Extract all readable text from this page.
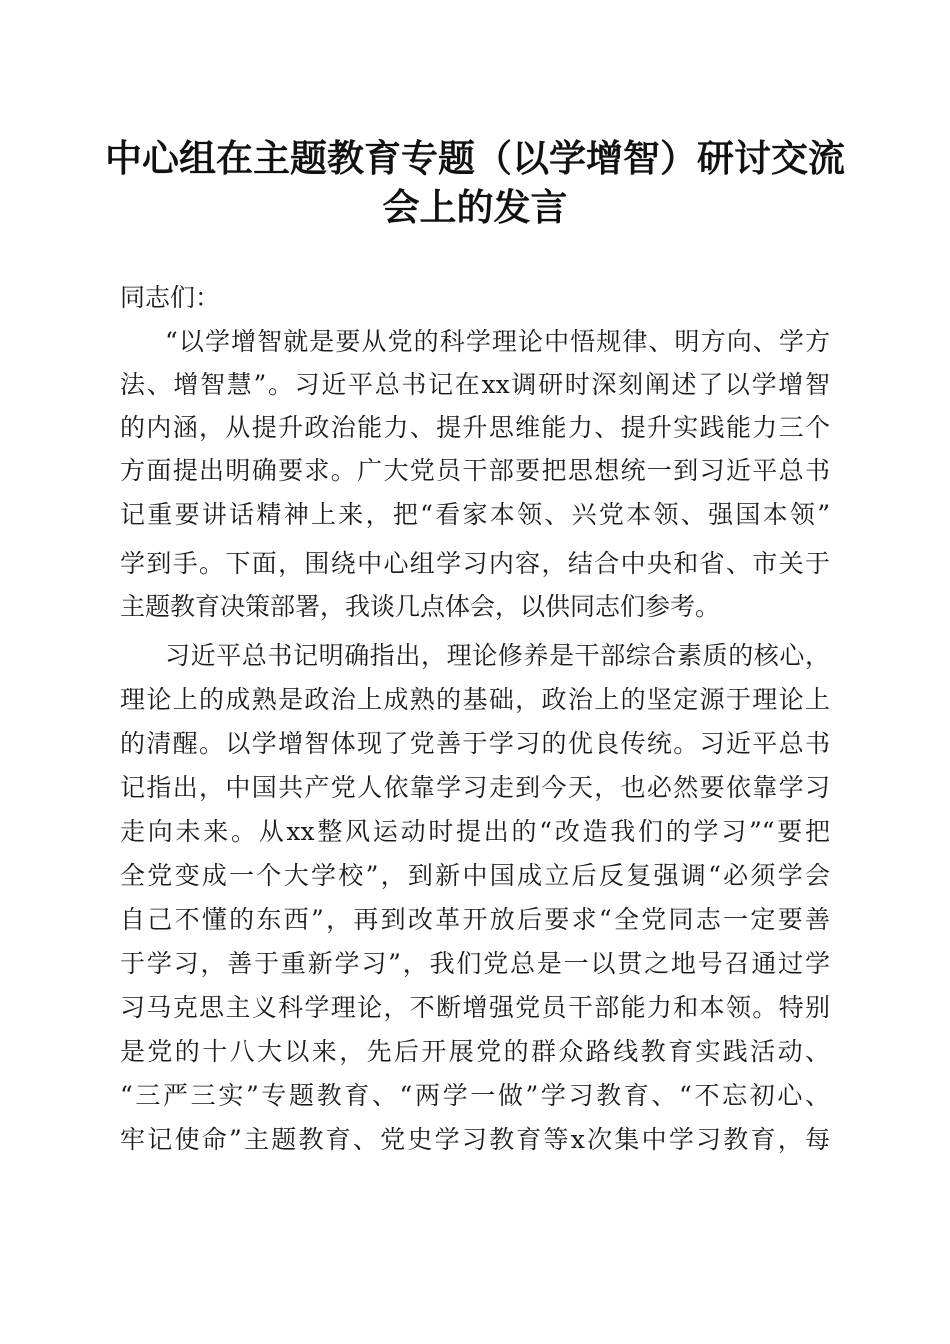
中心组在主题教育专题（以学增智）研讨交流
会上的发言
同志们：
“以学增智就是要从党的科学理论中悟规律、明方向、学方
法、增智慧”。习近平总书记在xx调研时深刻阐述了以学增智
的内涵，从提升政治能力、提升思维能力、提升实践能力三个
方面提出明确要求。广大党员干部要把思想统一到习近平总书
记重要讲话精神上来，把“看家本领、兴党本领、强国本领”
学到手。下面，围绕中心组学习内容，结合中央和省、市关于
主题教育决策部署，我谈几点体会，以供同志们参考。
习近平总书记明确指出，理论修养是干部综合素质的核心，
理论上的成熟是政治上成熟的基础，政治上的坚定源于理论上
的清醒。以学增智体现了党善于学习的优良传统。习近平总书
记指出，中国共产党人依靠学习走到今天，也必然要依靠学习
走向未来。从xx整风运动时提出的“改造我们的学习”“要把
全党变成一个大学校”，到新中国成立后反复强调“必须学会
自己不懂的东西”，再到改革开放后要求“全党同志一定要善
于学习，善于重新学习”，我们党总是一以贯之地号召通过学
习马克思主义科学理论，不断增强党员干部能力和本领。特别
是党的十八大以来，先后开展党的群众路线教育实践活动、
“三严三实”专题教育、“两学一做”学习教育、“不忘初心、
牢记使命”主题教育、党史学习教育等x次集中学习教育，每
